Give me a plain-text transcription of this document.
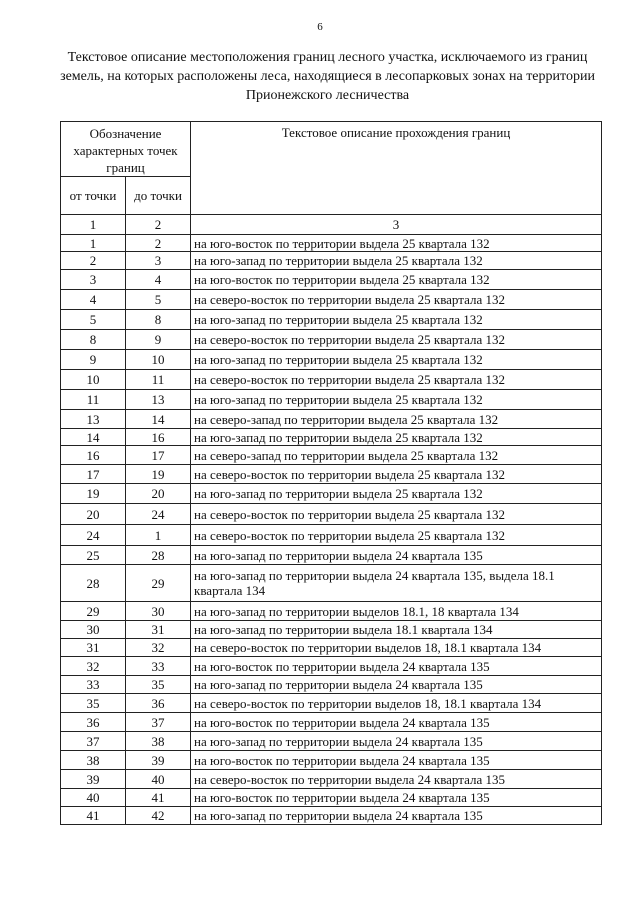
6
Текстовое описание местоположения границ лесного участка, исключаемого из границ земель, на которых расположены леса, находящиеся в лесопарковых зонах на территории Прионежского лесничества
Обозначение характерных точек границ		Текстовое описание прохождения границ
от точки	до точки	
1	2	3
1	2	на юго-восток по территории выдела 25 квартала 132
2	3	на юго-запад по территории выдела 25 квартала 132
3	4	на юго-восток по территории выдела 25 квартала 132
4	5	на северо-восток по территории выдела 25 квартала 132
5	8	на юго-запад по территории выдела 25 квартала 132
8	9	на северо-восток по территории выдела 25 квартала 132
9	10	на юго-запад по территории выдела 25 квартала 132
10	11	на северо-восток по территории выдела 25 квартала 132
11	13	на юго-запад по территории выдела 25 квартала 132
13	14	на северо-запад по территории выдела 25 квартала 132
14	16	на юго-запад по территории выдела 25 квартала 132
16	17	на северо-запад по территории выдела 25 квартала 132
17	19	на северо-восток по территории выдела 25 квартала 132
19	20	на юго-запад по территории выдела 25 квартала 132
20	24	на северо-восток по территории выдела 25 квартала 132
24	1	на северо-восток по территории выдела 25 квартала 132
25	28	на юго-запад по территории выдела 24 квартала 135
28	29	на юго-запад по территории выдела 24 квартала 135, выдела 18.1 квартала 134
29	30	на юго-запад по территории выделов 18.1, 18 квартала 134
30	31	на юго-запад по территории выдела 18.1 квартала 134
31	32	на северо-восток по территории выделов 18, 18.1 квартала 134
32	33	на юго-восток по территории выдела 24 квартала 135
33	35	на юго-запад по территории выдела 24 квартала 135
35	36	на северо-восток по территории выделов 18, 18.1 квартала 134
36	37	на юго-восток по территории выдела 24 квартала 135
37	38	на юго-запад по территории выдела 24 квартала 135
38	39	на юго-восток по территории выдела 24 квартала 135
39	40	на северо-восток по территории выдела 24 квартала 135
40	41	на юго-восток по территории выдела 24 квартала 135
41	42	на юго-запад по территории выдела 24 квартала 135
